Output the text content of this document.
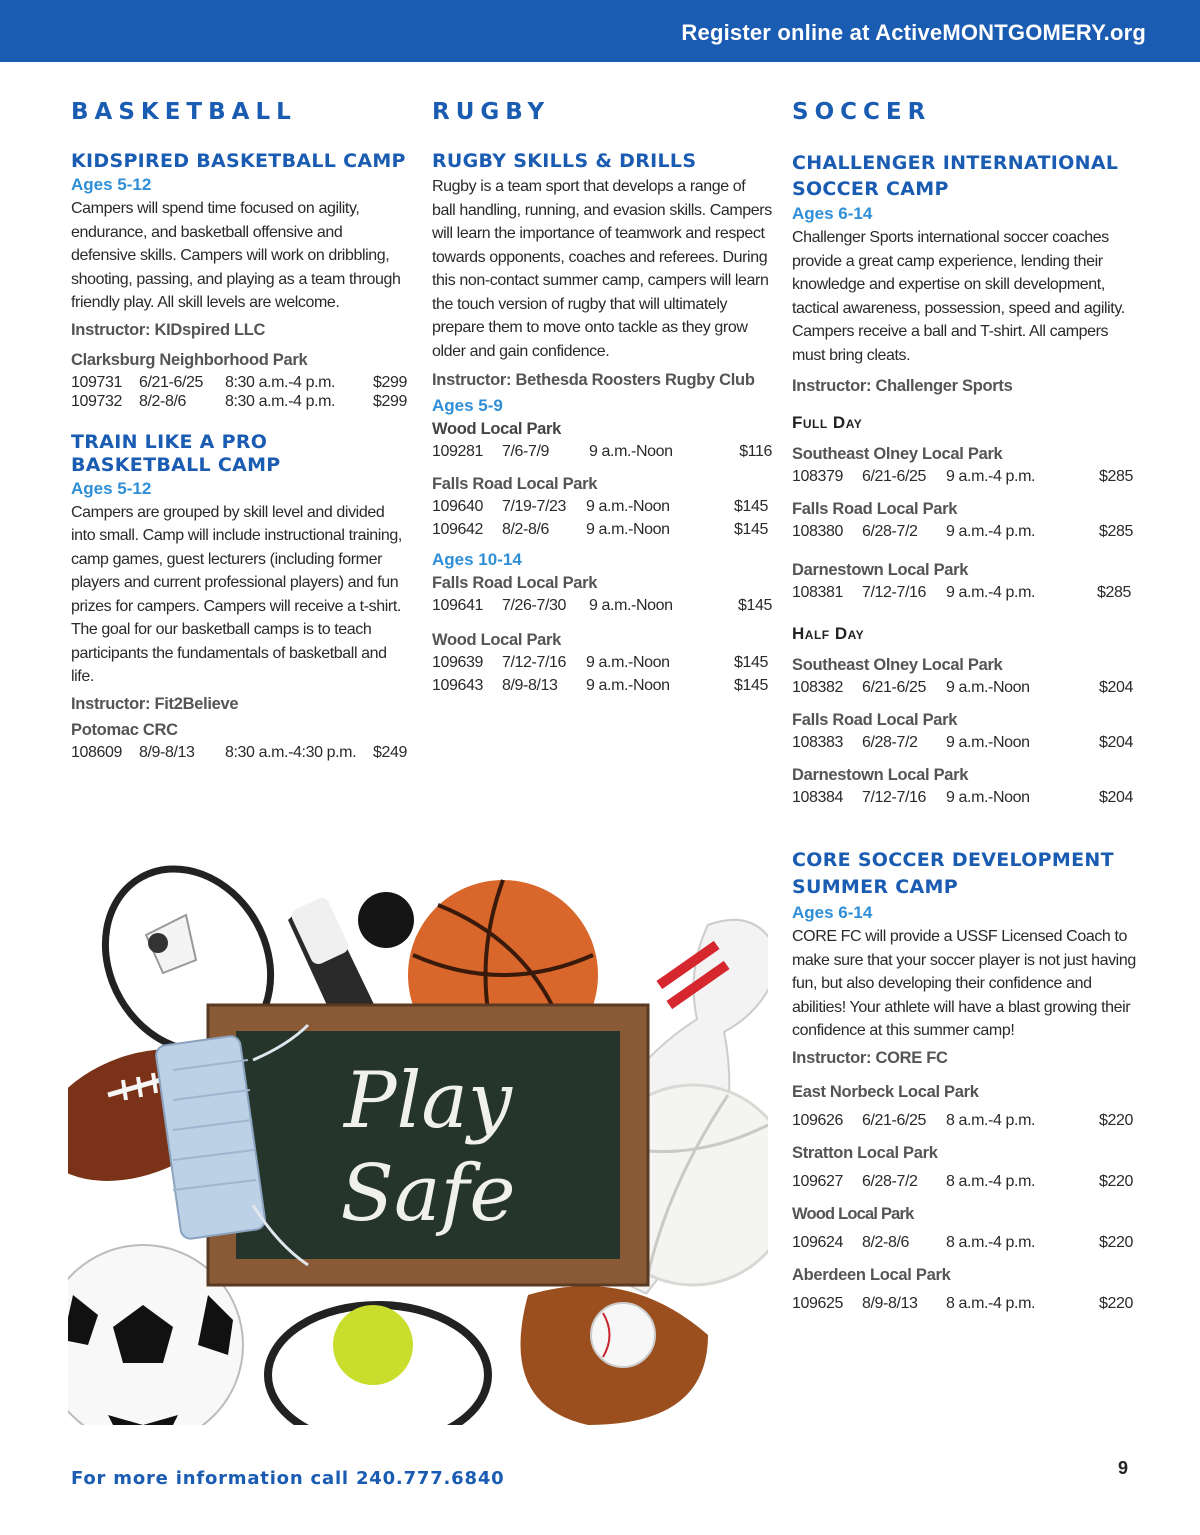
Register online at ActiveMONTGOMERY.org
BASKETBALL
KIDSPIRED BASKETBALL CAMP
Ages 5-12
Campers will spend time focused on agility, endurance, and basketball offensive and defensive skills. Campers will work on dribbling, shooting, passing, and playing as a team through friendly play. All skill levels are welcome.
Instructor: KIDspired LLC
Clarksburg Neighborhood Park
109731 6/21-6/25 8:30 a.m.-4 p.m. $299
109732 8/2-8/6 8:30 a.m.-4 p.m. $299
TRAIN LIKE A PRO BASKETBALL CAMP
Ages 5-12
Campers are grouped by skill level and divided into small. Camp will include instructional training, camp games, guest lecturers (including former players and current professional players) and fun prizes for campers. Campers will receive a t-shirt. The goal for our basketball camps is to teach participants the fundamentals of basketball and life.
Instructor: Fit2Believe
Potomac CRC
108609 8/9-8/13 8:30 a.m.-4:30 p.m. $249
RUGBY
RUGBY SKILLS & DRILLS
Rugby is a team sport that develops a range of ball handling, running, and evasion skills. Campers will learn the importance of teamwork and respect towards opponents, coaches and referees. During this non-contact summer camp, campers will learn the touch version of rugby that will ultimately prepare them to move onto tackle as they grow older and gain confidence.
Instructor: Bethesda Roosters Rugby Club
Ages 5-9
Wood Local Park
109281 7/6-7/9 9 a.m.-Noon	$116
Falls Road Local Park
109640 7/19-7/23 9 a.m.-Noon	$145
109642 8/2-8/6 9 a.m.-Noon	$145
Ages 10-14
Falls Road Local Park
109641 7/26-7/30 9 a.m.-Noon	$145
Wood Local Park
109639 7/12-7/16 9 a.m.-Noon	$145
109643 8/9-8/13 9 a.m.-Noon	$145
SOCCER
CHALLENGER INTERNATIONAL SOCCER CAMP
Ages 6-14
Challenger Sports international soccer coaches provide a great camp experience, lending their knowledge and expertise on skill development, tactical awareness, possession, speed and agility. Campers receive a ball and T-shirt. All campers must bring cleats.
Instructor: Challenger Sports
Full Day
Southeast Olney Local Park
108379 6/21-6/25 9 a.m.-4 p.m.	$285
Falls Road Local Park
108380 6/28-7/2 9 a.m.-4 p.m.	$285
Darnestown Local Park
108381 7/12-7/16 9 a.m.-4 p.m.	$285
Half Day
Southeast Olney Local Park
108382 6/21-6/25 9 a.m.-Noon	$204
Falls Road Local Park
108383 6/28-7/2 9 a.m.-Noon	$204
Darnestown Local Park
108384 7/12-7/16 9 a.m.-Noon	$204
CORE SOCCER DEVELOPMENT SUMMER CAMP
Ages 6-14
CORE FC will provide a USSF Licensed Coach to make sure that your soccer player is not just having fun, but also developing their confidence and abilities! Your athlete will have a blast growing their confidence at this summer camp!
Instructor: CORE FC
East Norbeck Local Park
109626 6/21-6/25 8 a.m.-4 p.m.	$220
Stratton Local Park
109627 6/28-7/2 8 a.m.-4 p.m.	$220
Wood Local Park
109624 8/2-8/6 8 a.m.-4 p.m.	$220
Aberdeen Local Park
109625 8/9-8/13 8 a.m.-4 p.m.	$220
Play
Safe
For more information call 240.777.6840	9
